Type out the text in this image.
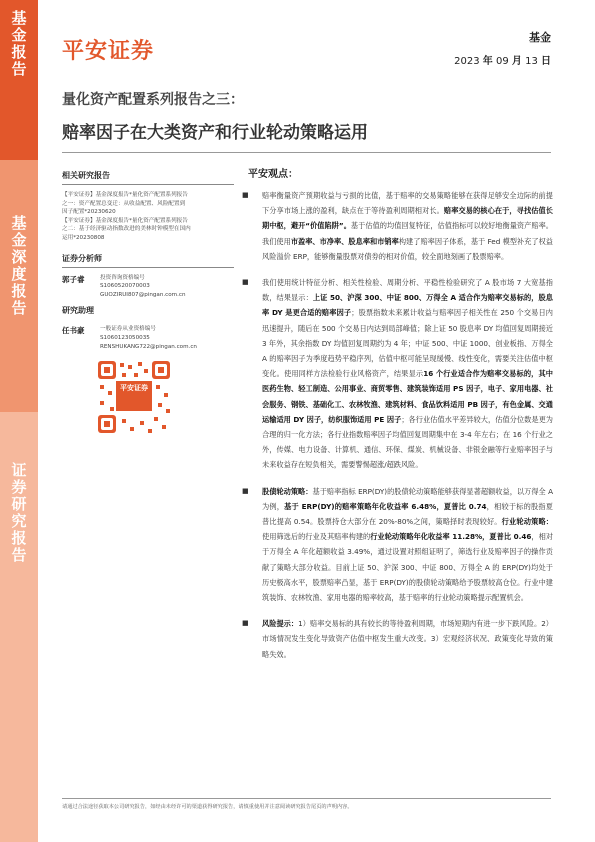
基金报告
基金深度报告
证券研究报告
平安证券
基金
2023 年 09 月 13 日
量化资产配置系列报告之三：
赔率因子在大类资产和行业轮动策略运用
相关研究报告
【平安证券】基金深度报告*量化资产配置系列报告
之一：资产配置总变迁：从收益配置、风险配置到
因子配置*20230620
【平安证券】基金深度报告*量化资产配置系列报告
之二：基于经济驱动指数改进的美林时钟模型在国内
运用*20230808
证券分析师
郭子睿	投资咨询资格编号
S1060520070003
GUOZIRUI807@pingan.com.cn
研究助理
任书豪	一般证券从业资格编号
S1060123050035
RENSHUKANG722@pingan.com.cn
平安证券
平安观点：
■ 赔率衡量资产预期收益与亏损的比值，基于赔率的交易策略能够在获得足够安全边际的前提下分享市场上涨的盈利，缺点在于等待盈利周期相对长。赔率交易的核心在于，寻找估值长期中枢，避开“价值陷阱”。基于估值的均值回复特征，估值指标可以较好地衡量资产赔率。我们使用市盈率、市净率、股息率和市销率构建了赔率因子体系，基于 Fed 模型补充了权益风险溢价 ERP，能够衡量股票对债券的相对价值，较全面地刻画了股票赔率。
■ 我们使用统计特征分析、相关性检验、周期分析、平稳性检验研究了 A 股市场 7 大宽基指数，结果显示：上证 50、沪深 300、中证 800、万得全 A 适合作为赔率交易标的，股息率 DY 是更合适的赔率因子；股票指数未来累计收益与赔率因子相关性在 250 个交易日内迅速提升，随后在 500 个交易日内达到局部峰值；除上证 50 股息率 DY 均值回复周期接近 3 年外，其余指数 DY 均值回复周期约为 4 年；中证 500、中证 1000、创业板指、万得全 A 的赔率因子为季度趋势平稳序列，估值中枢可能呈现缓慢、线性变化，需要关注估值中枢变化。使用同样方法检验行业风格资产，结果显示16 个行业适合作为赔率交易标的，其中医药生物、轻工制造、公用事业、商贸零售、建筑装饰适用 PS 因子，电子、家用电器、社会服务、钢铁、基础化工、农林牧渔、建筑材料、食品饮料适用 PB 因子，有色金属、交通运输适用 DY 因子，纺织服饰适用 PE 因子；各行业估值水平差异较大，估值分位数是更为合理的归一化方法；各行业指数赔率因子均值回复周期集中在 3-4 年左右；在 16 个行业之外，传媒、电力设备、计算机、通信、环保、煤炭、机械设备、非银金融等行业赔率因子与未来收益存在短负相关，需要警惕超涨/超跌风险。
■ 股债轮动策略：基于赔率指标 ERP(DY)的股债轮动策略能够获得显著超额收益，以万得全 A 为例，基于 ERP(DY)的赔率策略年化收益率 6.48%，夏普比 0.74，相较于标的股指夏普比提高 0.54。股票持仓大部分在 20%-80%之间，策略择时表现较好。行业轮动策略：使用筛选后的行业及其赔率构建的行业轮动策略年化收益率 11.28%，夏普比 0.46，相对于万得全 A 年化超额收益 3.49%，通过设置对照组证明了，筛选行业及赔率因子的操作贡献了策略大部分收益。目前上证 50、沪深 300、中证 800、万得全 A 的 ERP(DY)均处于历史极高水平，股票赔率凸显，基于 ERP(DY)的股债轮动策略给予股票较高仓位。行业中建筑装饰、农林牧渔、家用电器的赔率较高，基于赔率的行业轮动策略提示配置机会。
■ 风险提示：1）赔率交易标的具有较长的等待盈利周期，市场短期内有进一步下跌风险。2）市场情况发生变化导致资产估值中枢发生重大改变。3）宏观经济状况、政策变化导致的策略失效。
请通过合法途径获取本公司研究报告，如经由未经许可的渠道获得研究报告，请慎重使用并注意阅读研究报告尾页的声明内容。
